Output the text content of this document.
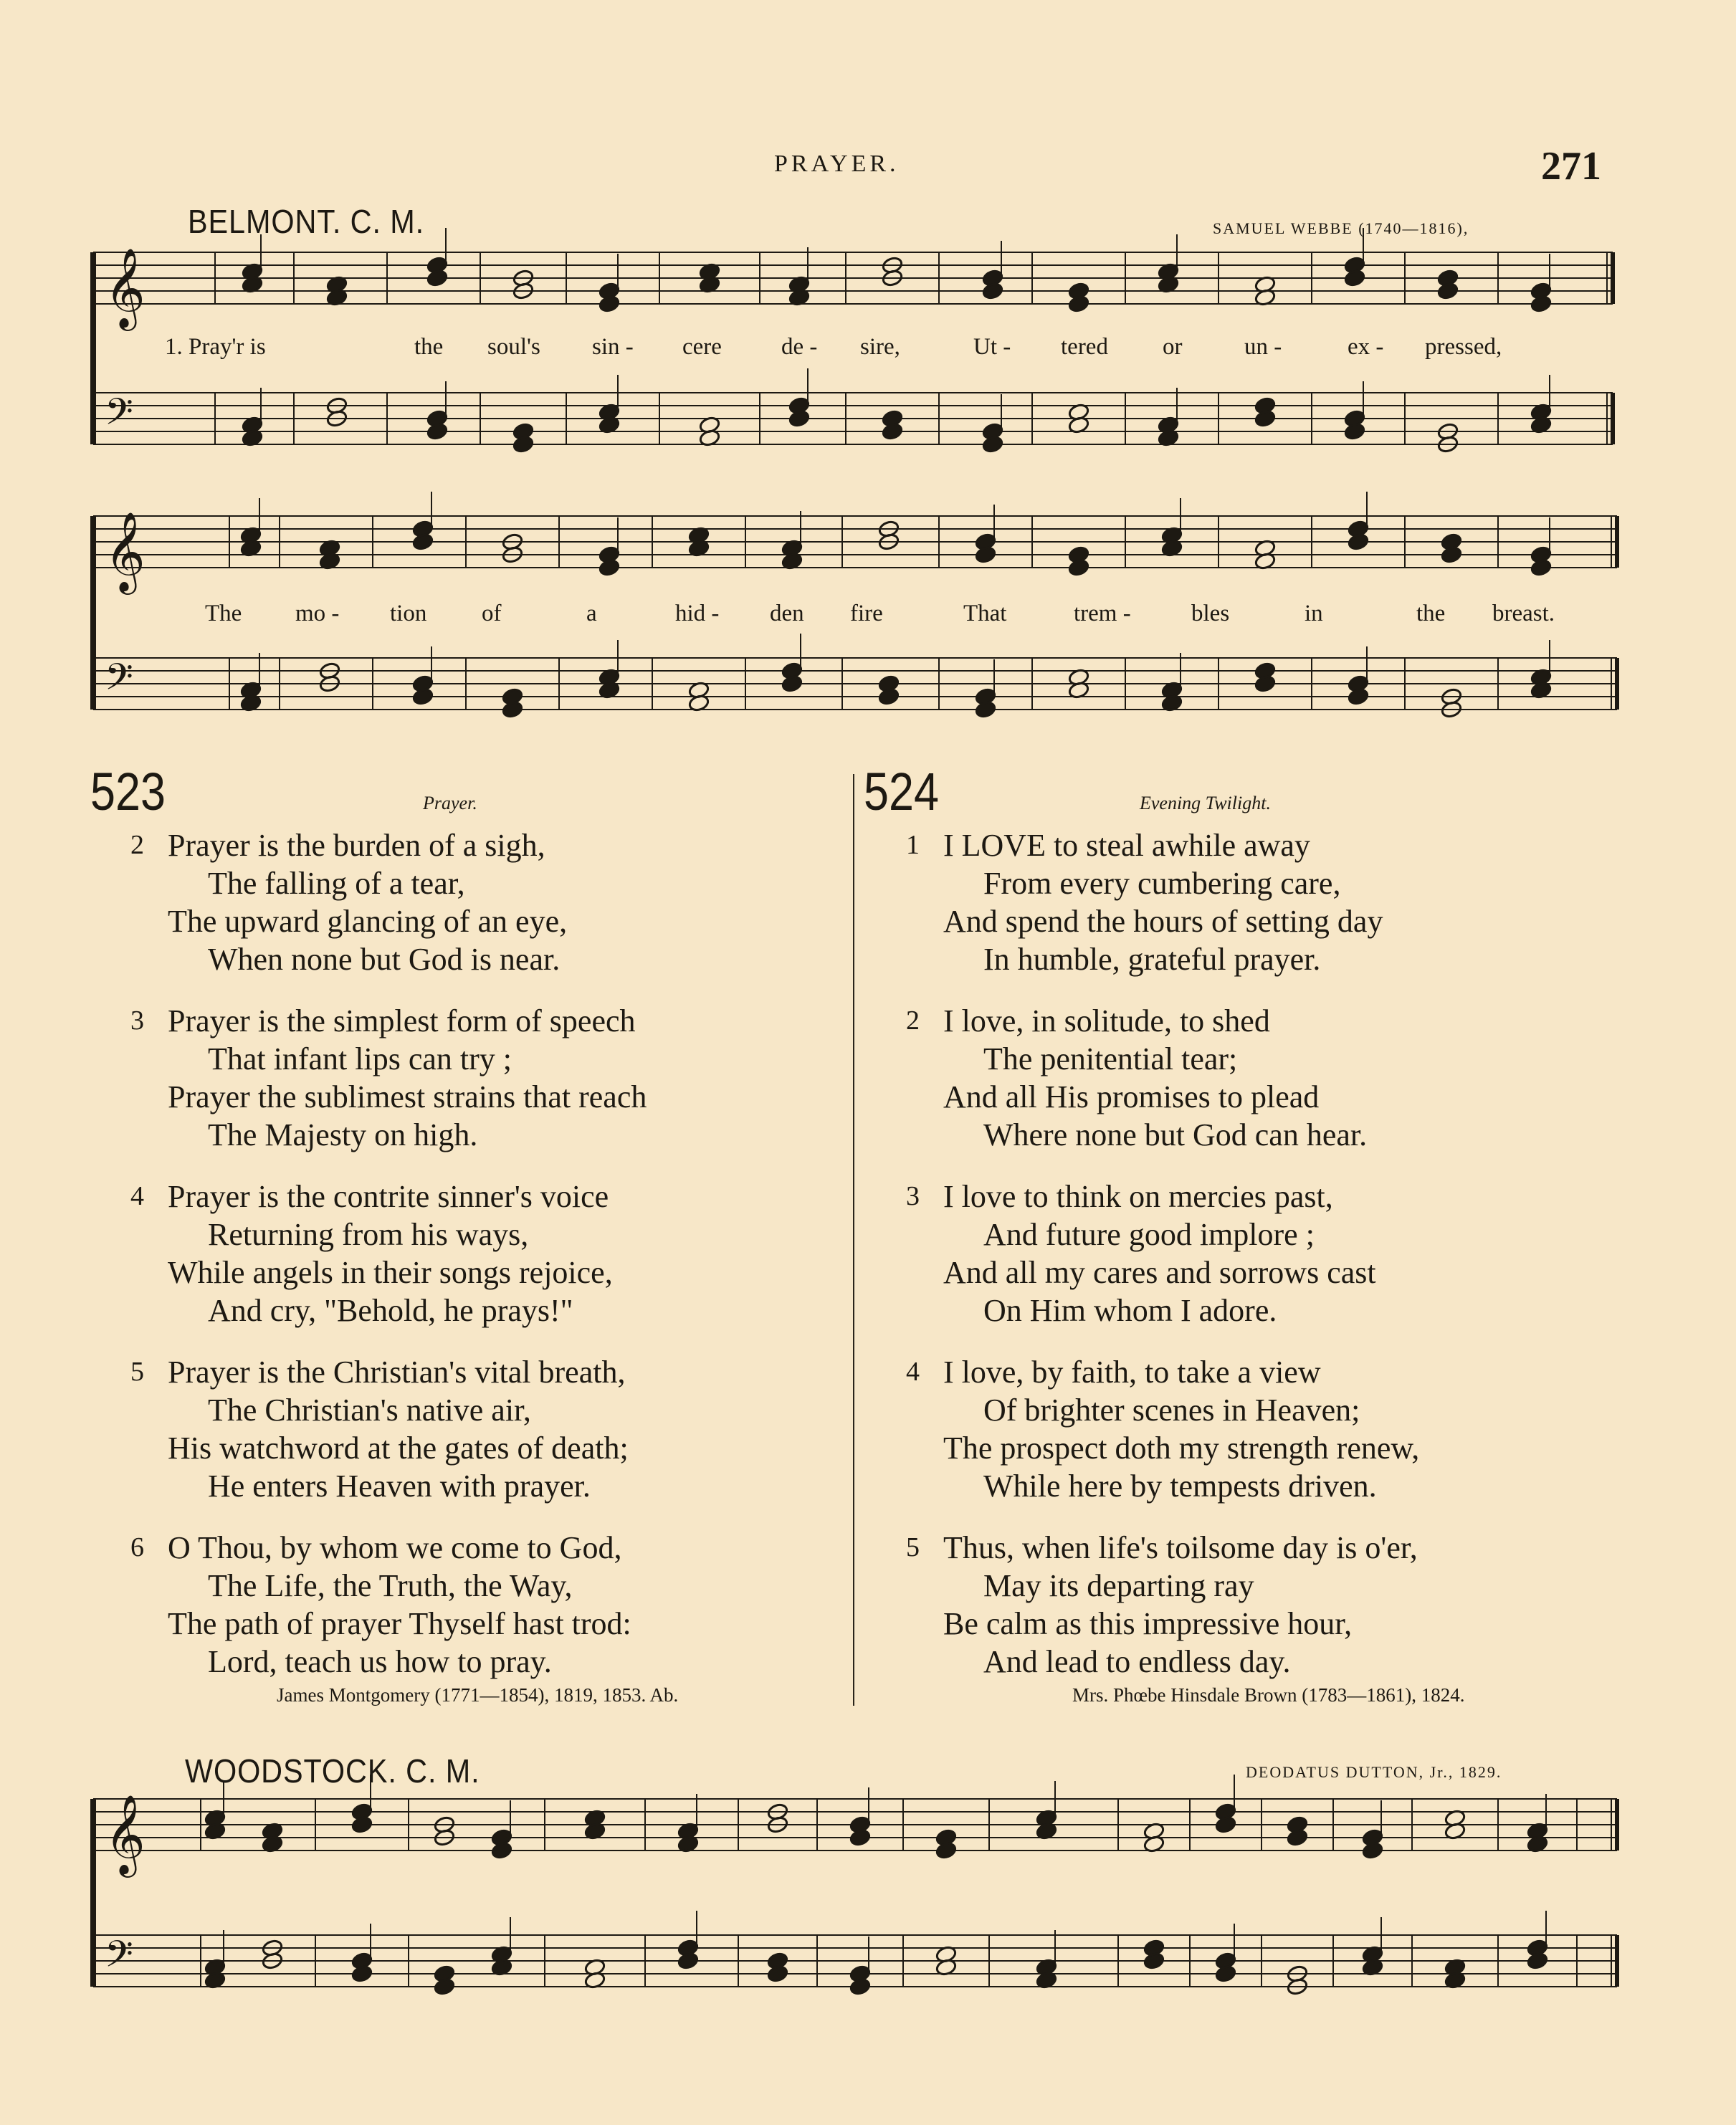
PRAYER.	271
BELMONT. C. M.	SAMUEL WEBBE (1740—1816),
𝄞
𝄢
𝄞
𝄢
𝄞
𝄢
1. Pray'r is	the soul's sin - cere	de - sire,	Ut - tered or	un -	ex - pressed,
The mo - tion of	a	hid - den fire	That	trem -	bles	in	the breast.
523	Prayer.
2 Prayer is the burden of a sigh,
The falling of a tear,
The upward glancing of an eye,
When none but God is near.
3 Prayer is the simplest form of speech
That infant lips can try ;
Prayer the sublimest strains that reach
The Majesty on high.
4 Prayer is the contrite sinner's voice
Returning from his ways,
While angels in their songs rejoice,
And cry, "Behold, he prays!"
5 Prayer is the Christian's vital breath,
The Christian's native air,
His watchword at the gates of death;
He enters Heaven with prayer.
6 O Thou, by whom we come to God,
The Life, the Truth, the Way,
The path of prayer Thyself hast trod:
Lord, teach us how to pray.
James Montgomery (1771—1854), 1819, 1853. Ab.
524	Evening Twilight.
1 I LOVE to steal awhile away
From every cumbering care,
And spend the hours of setting day
In humble, grateful prayer.
2 I love, in solitude, to shed
The penitential tear;
And all His promises to plead
Where none but God can hear.
3 I love to think on mercies past,
And future good implore ;
And all my cares and sorrows cast
On Him whom I adore.
4 I love, by faith, to take a view
Of brighter scenes in Heaven;
The prospect doth my strength renew,
While here by tempests driven.
5 Thus, when life's toilsome day is o'er,
May its departing ray
Be calm as this impressive hour,
And lead to endless day.
Mrs. Phœbe Hinsdale Brown (1783—1861), 1824.
WOODSTOCK. C. M.	DEODATUS DUTTON, Jr., 1829.
